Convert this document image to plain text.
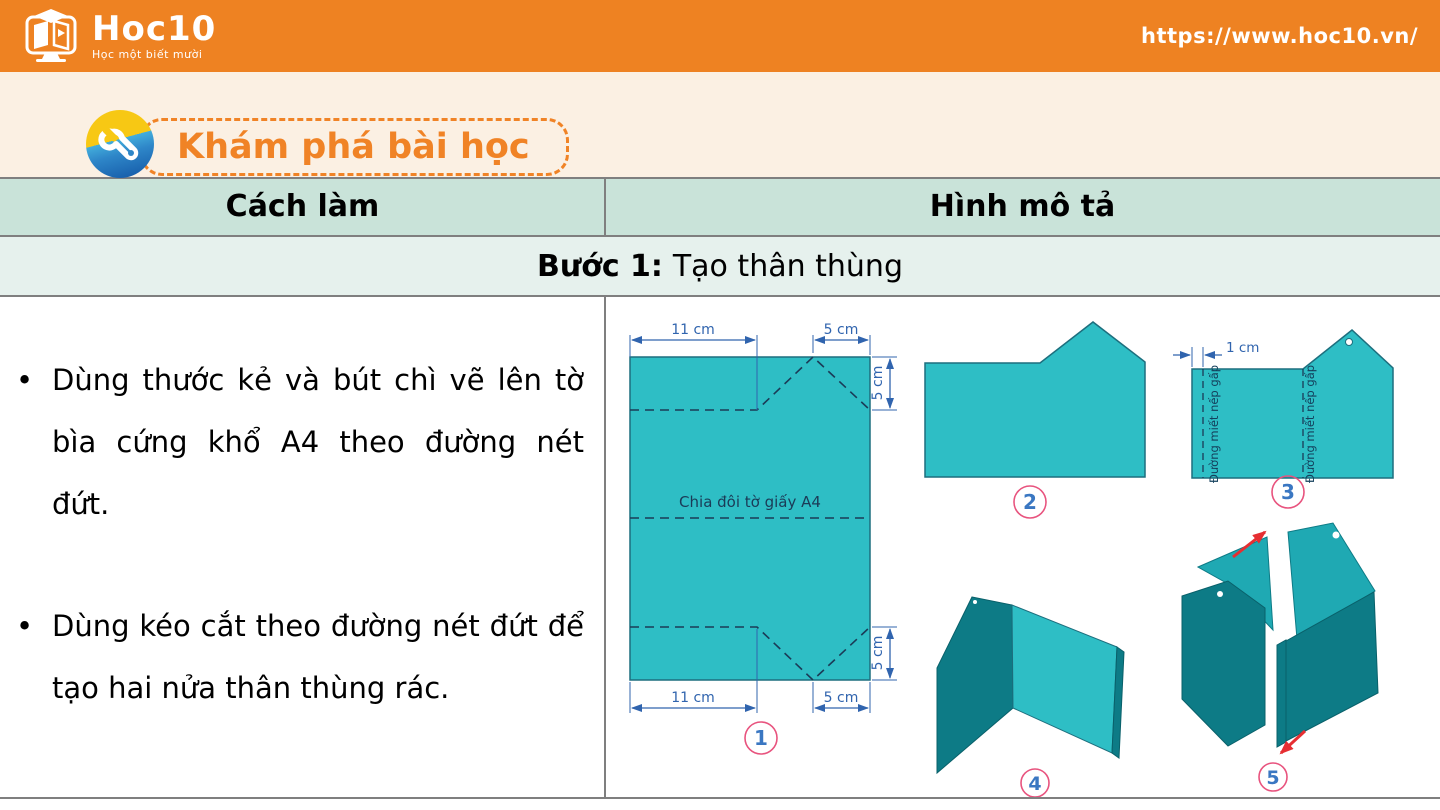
Hoc10
Học một biết mười
https://www.hoc10.vn/
Khám phá bài học
Cách làm	Hình mô tả
Bước 1: Tạo thân thùng
• Dùng thước kẻ và bút chì vẽ lên tờ bìa cứng khổ A4 theo đường nét đứt.

• Dùng kéo cắt theo đường nét đứt để tạo hai nửa thân thùng rác.

Chia đôi tờ giấy A4
11 cm	5 cm
5 cm
11 cm	5 cm
5 cm
1
2
Đường miết nếp gấp	Đường miết nếp gấp
1 cm
3
4	5
